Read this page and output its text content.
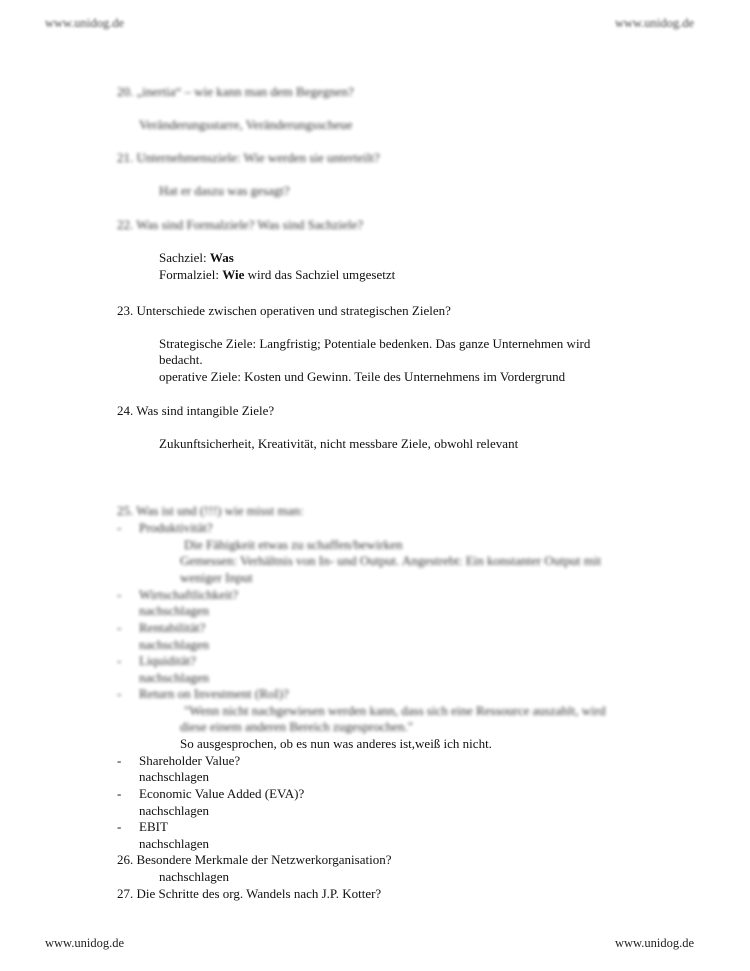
www.unidog.de	www.unidog.de
20. „inertia“ – wie kann man dem Begegnen?
Veränderungsstarre, Veränderungsscheue
21. Unternehmensziele: Wie werden sie unterteilt?
Hat er daszu was gesagt?
22. Was sind Formalziele? Was sind Sachziele?
Sachziel: Was
Formalziel: Wie wird das Sachziel umgesetzt
23. Unterschiede zwischen operativen und strategischen Zielen?
Strategische Ziele: Langfristig; Potentiale bedenken. Das ganze Unternehmen wird
bedacht.
operative Ziele: Kosten und Gewinn. Teile des Unternehmens im Vordergrund
24. Was sind intangible Ziele?
Zukunftsicherheit, Kreativität, nicht messbare Ziele, obwohl relevant
25. Was ist und (!!!) wie misst man:
- Produktivität?
Die Fähigkeit etwas zu schaffen/bewirken
Gemessen: Verhältnis von In- und Output. Angestrebt: Ein konstanter Output mit
weniger Input
- Wirtschaftlichkeit?
nachschlagen
- Rentabilität?
nachschlagen
- Liquidität?
nachschlagen
- Return on Investment (RoI)?
"Wenn nicht nachgewiesen werden kann, dass sich eine Ressource auszahlt, wird
diese einem anderen Bereich zugesprochen."
So ausgesprochen, ob es nun was anderes ist,weiß ich nicht.
- Shareholder Value?
nachschlagen
- Economic Value Added (EVA)?
nachschlagen
- EBIT
nachschlagen
26. Besondere Merkmale der Netzwerkorganisation?
nachschlagen
27. Die Schritte des org. Wandels nach J.P. Kotter?
www.unidog.de	www.unidog.de
